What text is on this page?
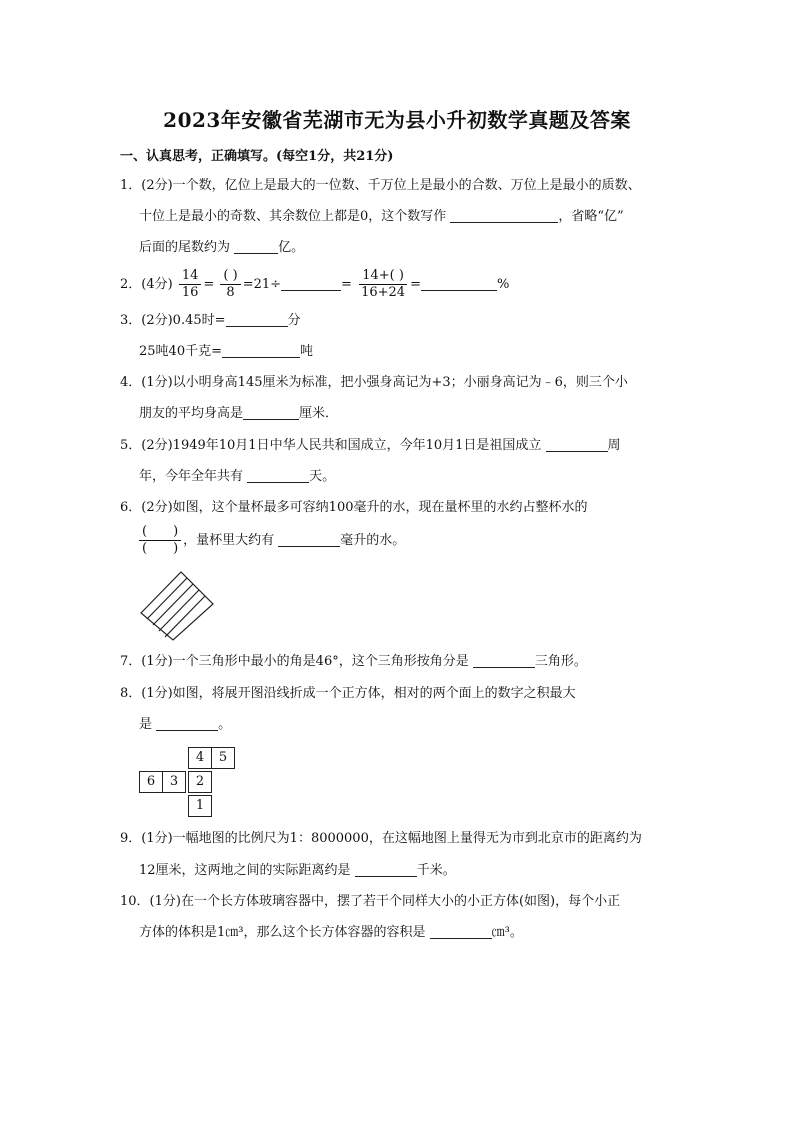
2023年安徽省芜湖市无为县小升初数学真题及答案
一、认真思考，正确填写。(每空1分，共21分)
1．(2分)一个数，亿位上是最大的一位数、千万位上是最小的合数、万位上是最小的质数、
十位上是最小的奇数、其余数位上都是0，这个数写作	，省略“亿”
后面的尾数约为	亿。
2．(4分) $\frac{14}{16} = \frac{( )}{8} =21\div$	= $\frac{14+( )}{16+24}$ =	%
3．(2分)0.45时=	分
25吨40千克=	吨
4．(1分)以小明身高145厘米为标准，把小强身高记为+3；小丽身高记为﹣6，则三个小
朋友的平均身高是	厘米．
5．(2分)1949年10月1日中华人民共和国成立，今年10月1日是祖国成立	周
年，今年全年共有	天。
6．(2分)如图，这个量杯最多可容纳100毫升的水，现在量杯里的水约占整杯水的
$\frac{( )}{( )}$ ，量杯里大约有	毫升的水。
7．(1分)一个三角形中最小的角是46°，这个三角形按角分是	三角形。
8．(1分)如图，将展开图沿线折成一个正方体，相对的两个面上的数字之积最大
是	。
4	5
6	3	2
1
9．(1分)一幅地图的比例尺为1：8000000，在这幅地图上量得无为市到北京市的距离约为
12厘米，这两地之间的实际距离约是	千米。
10．(1分)在一个长方体玻璃容器中，摆了若干个同样大小的小正方体(如图)，每个小正
方体的体积是1㎝³，那么这个长方体容器的容积是	㎝³。
